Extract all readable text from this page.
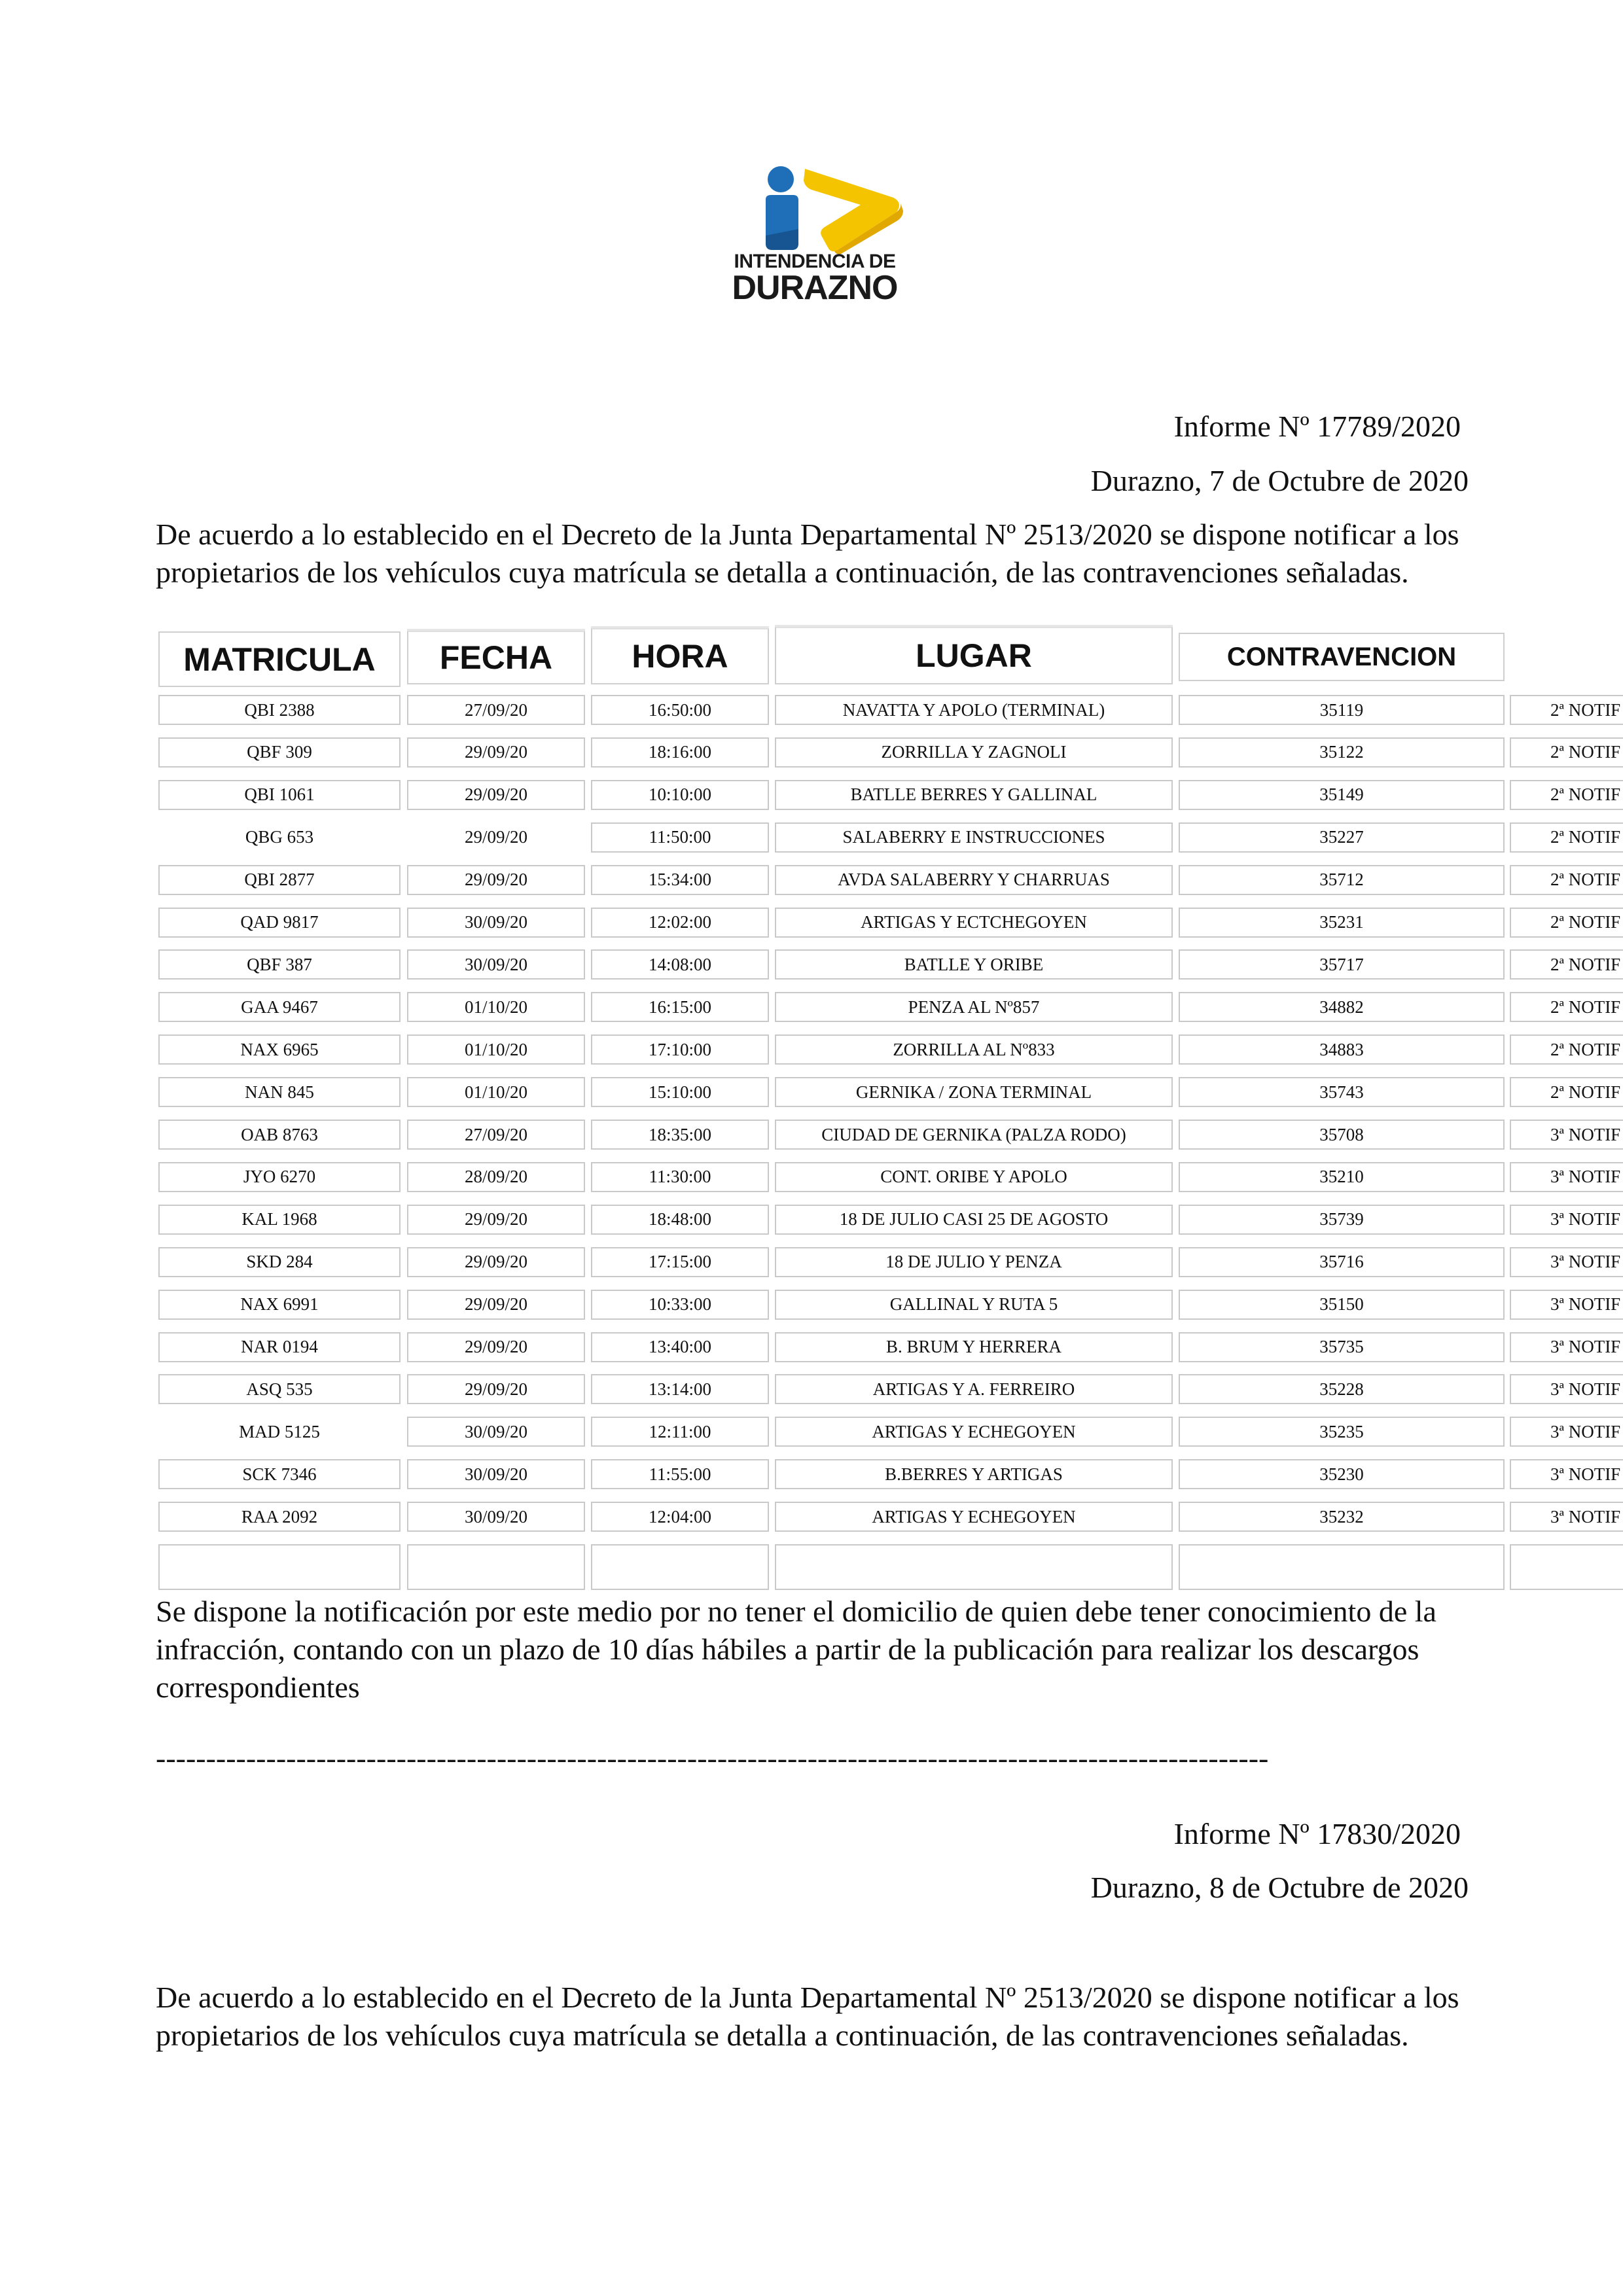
INTENDENCIA DE
DURAZNO
Informe Nº 17789/2020
Durazno, 7 de Octubre de 2020
De acuerdo a lo establecido en el Decreto de la Junta Departamental Nº 2513/2020 se dispone notificar a los propietarios de los vehículos cuya matrícula se detalla a continuación, de las contravenciones señaladas.
MATRICULA	FECHA	HORA	LUGAR	CONTRAVENCION
QBI 2388	27/09/20	16:50:00	NAVATTA Y APOLO (TERMINAL)	35119	2ª NOTIF
QBF 309	29/09/20	18:16:00	ZORRILLA Y ZAGNOLI	35122	2ª NOTIF
QBI 1061	29/09/20	10:10:00	BATLLE BERRES Y GALLINAL	35149	2ª NOTIF
QBG 653	29/09/20	11:50:00	SALABERRY E INSTRUCCIONES	35227	2ª NOTIF
QBI 2877	29/09/20	15:34:00	AVDA SALABERRY Y CHARRUAS	35712	2ª NOTIF
QAD 9817	30/09/20	12:02:00	ARTIGAS Y ECTCHEGOYEN	35231	2ª NOTIF
QBF 387	30/09/20	14:08:00	BATLLE Y ORIBE	35717	2ª NOTIF
GAA 9467	01/10/20	16:15:00	PENZA AL Nº857	34882	2ª NOTIF
NAX 6965	01/10/20	17:10:00	ZORRILLA AL Nº833	34883	2ª NOTIF
NAN 845	01/10/20	15:10:00	GERNIKA / ZONA TERMINAL	35743	2ª NOTIF
OAB 8763	27/09/20	18:35:00	CIUDAD DE GERNIKA (PALZA RODO)	35708	3ª NOTIF
JYO 6270	28/09/20	11:30:00	CONT. ORIBE Y APOLO	35210	3ª NOTIF
KAL 1968	29/09/20	18:48:00	18 DE JULIO CASI 25 DE AGOSTO	35739	3ª NOTIF
SKD 284	29/09/20	17:15:00	18 DE JULIO Y PENZA	35716	3ª NOTIF
NAX 6991	29/09/20	10:33:00	GALLINAL Y RUTA 5	35150	3ª NOTIF
NAR 0194	29/09/20	13:40:00	B. BRUM Y HERRERA	35735	3ª NOTIF
ASQ 535	29/09/20	13:14:00	ARTIGAS Y A. FERREIRO	35228	3ª NOTIF
MAD 5125	30/09/20	12:11:00	ARTIGAS Y ECHEGOYEN	35235	3ª NOTIF
SCK 7346	30/09/20	11:55:00	B.BERRES Y ARTIGAS	35230	3ª NOTIF
RAA 2092	30/09/20	12:04:00	ARTIGAS Y ECHEGOYEN	35232	3ª NOTIF
Se dispone la notificación por este medio por no tener el domicilio de quien debe tener conocimiento de la infracción, contando con un plazo de 10 días hábiles a partir de la publicación para realizar los descargos correspondientes
---------------------------------------------------------------------------------------------------------------
Informe Nº 17830/2020
Durazno, 8 de Octubre de 2020
De acuerdo a lo establecido en el Decreto de la Junta Departamental Nº 2513/2020 se dispone notificar a los propietarios de los vehículos cuya matrícula se detalla a continuación, de las contravenciones señaladas.
